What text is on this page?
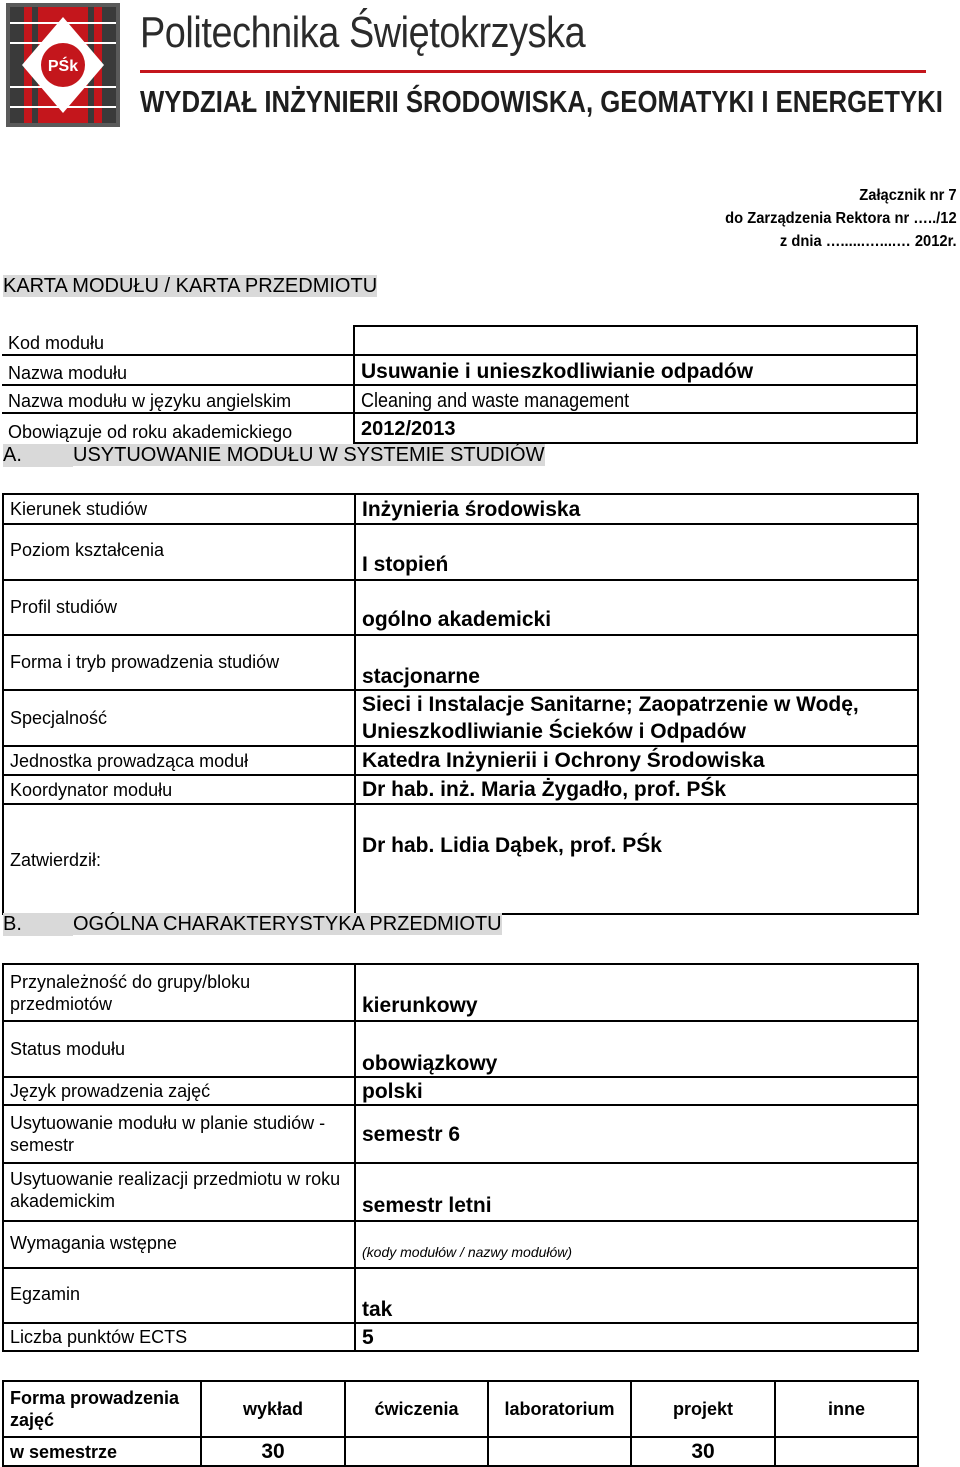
PŚk
Politechnika Świętokrzyska
WYDZIAŁ INŻYNIERII ŚRODOWISKA, GEOMATYKI I ENERGETYKI
Załącznik nr 7
do Zarządzenia Rektora nr …../12
z dnia …......…....… 2012r.
KARTA MODUŁU / KARTA PRZEDMIOTU
Kod modułu	
Nazwa modułu	Usuwanie i unieszkodliwianie odpadów
Nazwa modułu w języku angielskim	Cleaning and waste management
Obowiązuje od roku akademickiego	2012/2013
A.	USYTUOWANIE MODUŁU W SYSTEMIE STUDIÓW
Kierunek studiów	Inżynieria środowiska
Poziom kształcenia	I stopień
Profil studiów	ogólno akademicki
Forma i tryb prowadzenia studiów	stacjonarne
Specjalność	Sieci i Instalacje Sanitarne; Zaopatrzenie w Wodę, Unieszkodliwianie Ścieków i Odpadów
Jednostka prowadząca moduł	Katedra Inżynierii i Ochrony Środowiska
Koordynator modułu	Dr hab. inż. Maria Żygadło, prof. PŚk
Zatwierdził:	Dr hab. Lidia Dąbek, prof. PŚk
B.	OGÓLNA CHARAKTERYSTYKA PRZEDMIOTU
Przynależność do grupy/bloku przedmiotów	kierunkowy
Status modułu	obowiązkowy
Język prowadzenia zajęć	polski
Usytuowanie modułu w planie studiów - semestr	semestr 6
Usytuowanie realizacji przedmiotu w roku akademickim	semestr letni
Wymagania wstępne	(kody modułów / nazwy modułów)
Egzamin	tak
Liczba punktów ECTS	5
Forma prowadzenia zajęć	wykład	ćwiczenia	laboratorium	projekt	inne
w semestrze	30			30	
